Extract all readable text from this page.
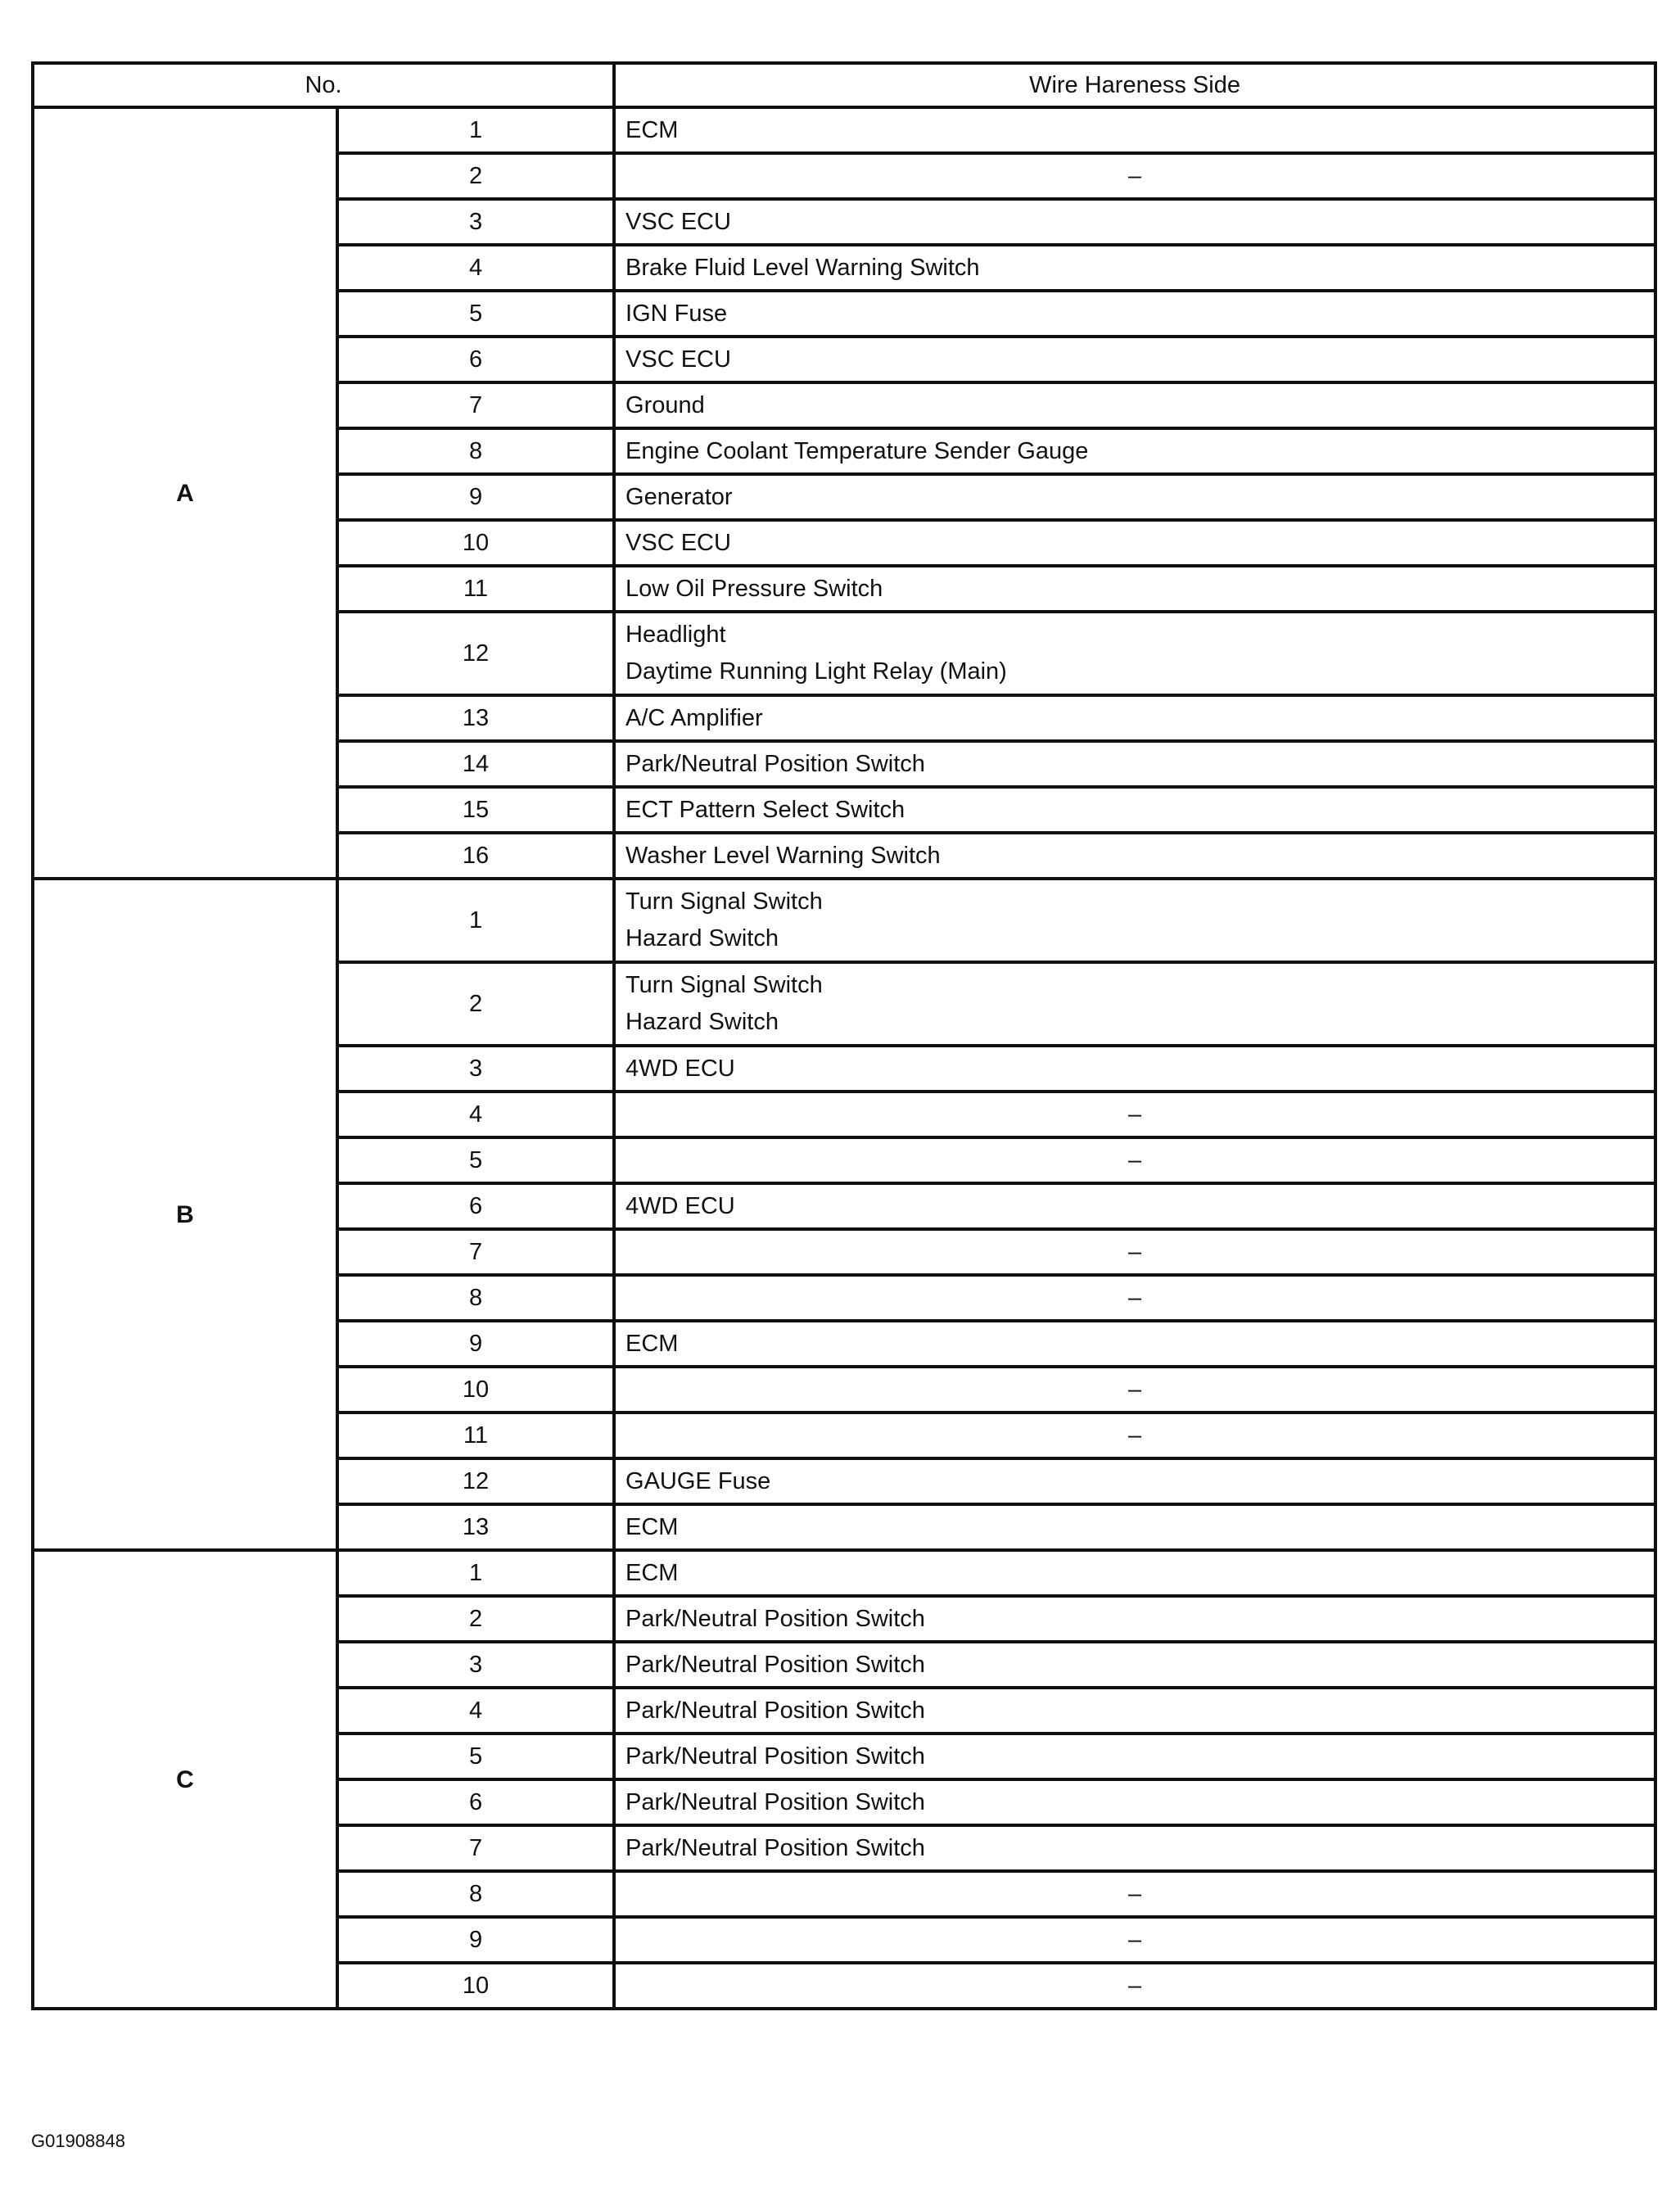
No.		Wire Hareness Side
A	1	ECM

	2	–

	3	VSC ECU

	4	Brake Fluid Level Warning Switch

	5	IGN Fuse

	6	VSC ECU

	7	Ground

	8	Engine Coolant Temperature Sender Gauge

	9	Generator

	10	VSC ECU

	11	Low Oil Pressure Switch

	12	Headlight
Daytime Running Light Relay (Main)

	13	A/C Amplifier

	14	Park/Neutral Position Switch

	15	ECT Pattern Select Switch

	16	Washer Level Warning Switch

B	1	Turn Signal Switch
Hazard Switch

	2	Turn Signal Switch
Hazard Switch

	3	4WD ECU

	4	–

	5	–

	6	4WD ECU

	7	–

	8	–

	9	ECM

	10	–

	11	–

	12	GAUGE Fuse

	13	ECM

C	1	ECM

	2	Park/Neutral Position Switch

	3	Park/Neutral Position Switch

	4	Park/Neutral Position Switch

	5	Park/Neutral Position Switch

	6	Park/Neutral Position Switch

	7	Park/Neutral Position Switch

	8	–

	9	–

	10	–
G01908848
